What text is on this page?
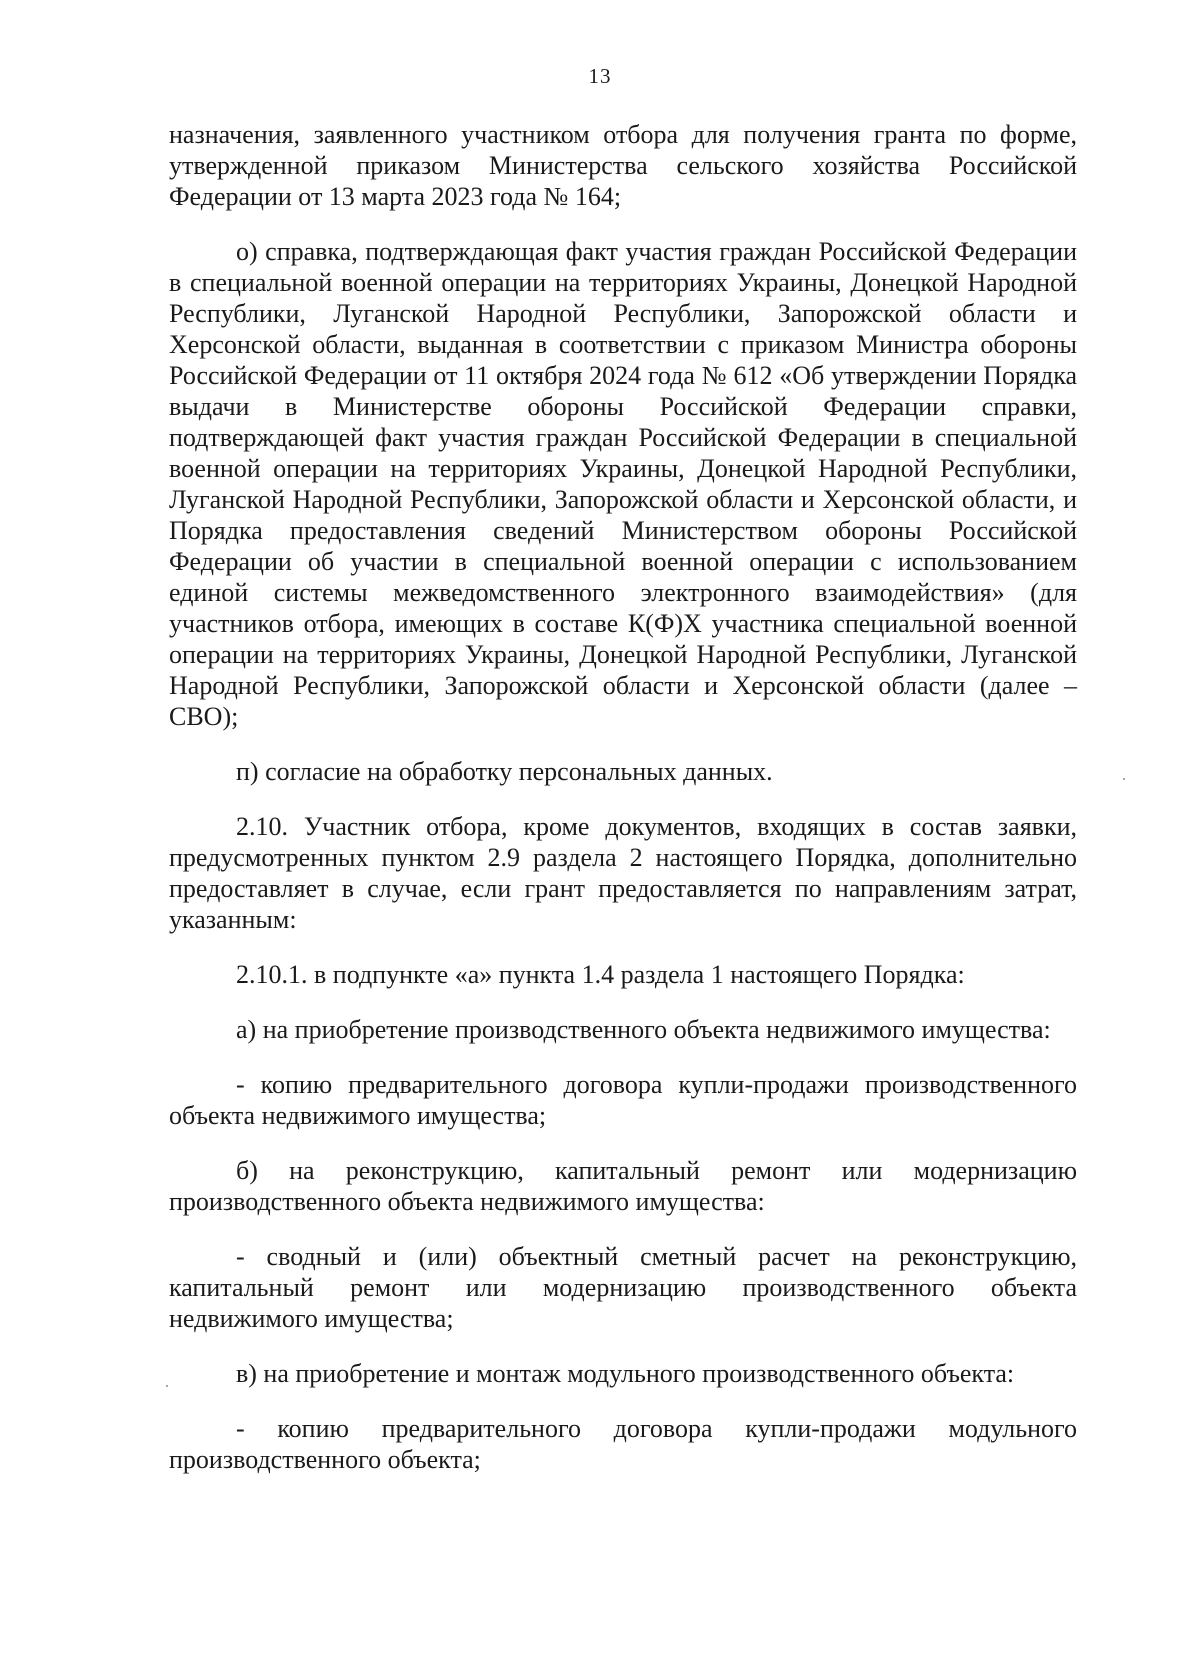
13

назначения, заявленного участником отбора для получения гранта по форме, утвержденной приказом Министерства сельского хозяйства Российской Федерации от 13 марта 2023 года № 164;

о) справка, подтверждающая факт участия граждан Российской Федерации в специальной военной операции на территориях Украины, Донецкой Народной Республики, Луганской Народной Республики, Запорожской области и Херсонской области, выданная в соответствии с приказом Министра обороны Российской Федерации от 11 октября 2024 года № 612 «Об утверждении Порядка выдачи в Министерстве обороны Российской Федерации справки, подтверждающей факт участия граждан Российской Федерации в специальной военной операции на территориях Украины, Донецкой Народной Республики, Луганской Народной Республики, Запорожской области и Херсонской области, и Порядка предоставления сведений Министерством обороны Российской Федерации об участии в специальной военной операции с использованием единой системы межведомственного электронного взаимодействия» (для участников отбора, имеющих в составе К(Ф)Х участника специальной военной операции на территориях Украины, Донецкой Народной Республики, Луганской Народной Республики, Запорожской области и Херсонской области (далее – СВО);

п) согласие на обработку персональных данных.

2.10. Участник отбора, кроме документов, входящих в состав заявки, предусмотренных пунктом 2.9 раздела 2 настоящего Порядка, дополнительно предоставляет в случае, если грант предоставляется по направлениям затрат, указанным:

2.10.1. в подпункте «а» пункта 1.4 раздела 1 настоящего Порядка:

а) на приобретение производственного объекта недвижимого имущества:

- копию предварительного договора купли-продажи производственного объекта недвижимого имущества;

б) на реконструкцию, капитальный ремонт или модернизацию производственного объекта недвижимого имущества:

- сводный и (или) объектный сметный расчет на реконструкцию, капитальный ремонт или модернизацию производственного объекта недвижимого имущества;

в) на приобретение и монтаж модульного производственного объекта:

- копию предварительного договора купли-продажи модульного производственного объекта;
